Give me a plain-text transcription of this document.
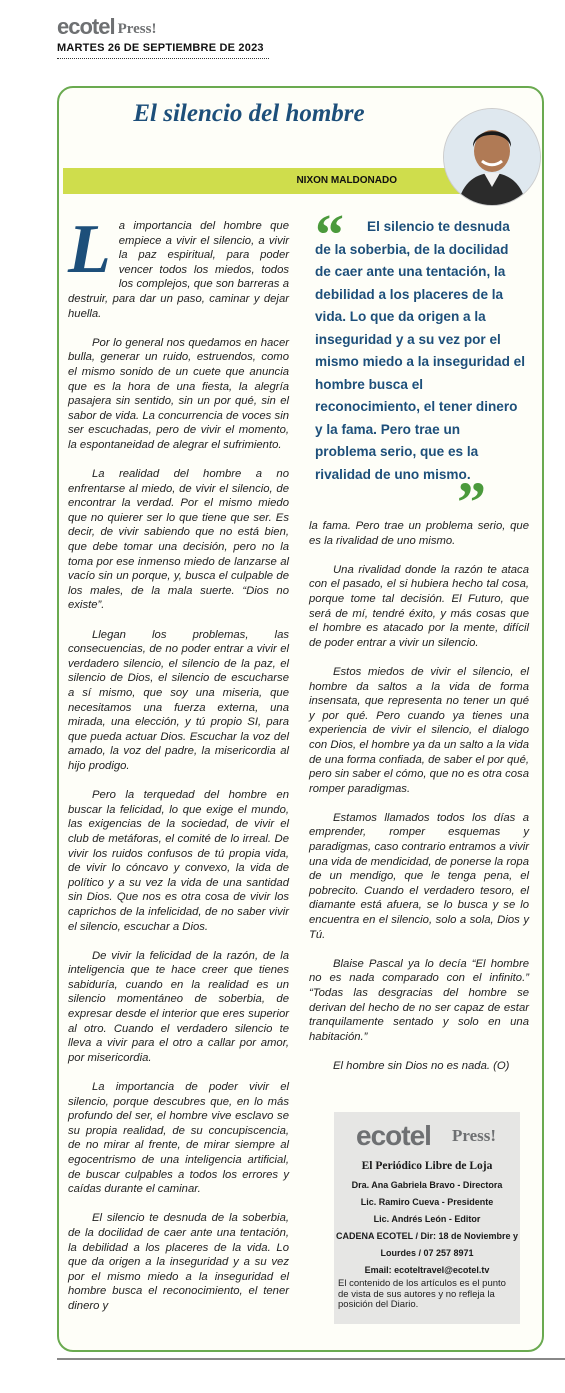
ecotel Press!
MARTES 26 DE SEPTIEMBRE DE 2023
El silencio del hombre
NIXON MALDONADO

La importancia del hombre que empiece a vivir el silencio, a vivir la paz espiritual, para poder vencer todos los miedos, todos los complejos, que son barreras a destruir, para dar un paso, caminar y dejar huella.

Por lo general nos quedamos en hacer bulla, generar un ruido, estruendos, como el mismo sonido de un cuete que anuncia que es la hora de una fiesta, la alegría pasajera sin sentido, sin un por qué, sin el sabor de vida. La concurrencia de voces sin ser escuchadas, pero de vivir el momento, la espontaneidad de alegrar el sufrimiento.

La realidad del hombre a no enfrentarse al miedo, de vivir el silencio, de encontrar la verdad. Por el mismo miedo que no quierer ser lo que tiene que ser. Es decir, de vivir sabiendo que no está bien, que debe tomar una decisión, pero no la toma por ese inmenso miedo de lanzarse al vacío sin un porque, y, busca el culpable de los males, de la mala suerte. “Dios no existe”.

Llegan los problemas, las consecuencias, de no poder entrar a vivir el verdadero silencio, el silencio de la paz, el silencio de Dios, el silencio de escucharse a sí mismo, que soy una miseria, que necesitamos una fuerza externa, una mirada, una elección, y tú propio SI, para que pueda actuar Dios. Escuchar la voz del amado, la voz del padre, la misericordia al hijo prodigo.

Pero la terquedad del hombre en buscar la felicidad, lo que exige el mundo, las exigencias de la sociedad, de vivir el club de metáforas, el comité de lo irreal. De vivir los ruidos confusos de tú propia vida, de vivir lo cóncavo y convexo, la vida de político y a su vez la vida de una santidad sin Dios. Que nos es otra cosa de vivir los caprichos de la infelicidad, de no saber vivir el silencio, escuchar a Dios.

De vivir la felicidad de la razón, de la inteligencia que te hace creer que tienes sabiduría, cuando en la realidad es un silencio momentáneo de soberbia, de expresar desde el interior que eres superior al otro. Cuando el verdadero silencio te lleva a vivir para el otro a callar por amor, por misericordia.

La importancia de poder vivir el silencio, porque descubres que, en lo más profundo del ser, el hombre vive esclavo se su propia realidad, de su concupiscencia, de no mirar al frente, de mirar siempre al egocentrismo de una inteligencia artificial, de buscar culpables a todos los errores y caídas durante el caminar.

El silencio te desnuda de la soberbia, de la docilidad de caer ante una tentación, la debilidad a los placeres de la vida. Lo que da origen a la inseguridad y a su vez por el mismo miedo a la inseguridad el hombre busca el reconocimiento, el tener dinero y

“	El silencio te desnuda de la soberbia, de la docilidad de caer ante una tentación, la debilidad a los placeres de la vida. Lo que da origen a la inseguridad y a su vez por el mismo miedo a la inseguridad el hombre busca el reconocimiento, el tener dinero y la fama. Pero trae un problema serio, que es la rivalidad de uno mismo.
”

la fama. Pero trae un problema serio, que es la rivalidad de uno mismo.

Una rivalidad donde la razón te ataca con el pasado, el si hubiera hecho tal cosa, porque tome tal decisión. El Futuro, que será de mí, tendré éxito, y más cosas que el hombre es atacado por la mente, difícil de poder entrar a vivir un silencio.

Estos miedos de vivir el silencio, el hombre da saltos a la vida de forma insensata, que representa no tener un qué y por qué. Pero cuando ya tienes una experiencia de vivir el silencio, el dialogo con Dios, el hombre ya da un salto a la vida de una forma confiada, de saber el por qué, pero sin saber el cómo, que no es otra cosa romper paradigmas.

Estamos llamados todos los días a emprender, romper esquemas y paradigmas, caso contrario entramos a vivir una vida de mendicidad, de ponerse la ropa de un mendigo, que le tenga pena, el pobrecito. Cuando el verdadero tesoro, el diamante está afuera, se lo busca y se lo encuentra en el silencio, solo a sola, Dios y Tú.

Blaise Pascal ya lo decía “El hombre no es nada comparado con el infinito.” “Todas las desgracias del hombre se derivan del hecho de no ser capaz de estar tranquilamente sentado y solo en una habitación.”

El hombre sin Dios no es nada. (O)

ecotel Press!
El Periódico Libre de Loja
Dra. Ana Gabriela Bravo - Directora
Lic. Ramiro Cueva - Presidente
Lic. Andrés León - Editor
CADENA ECOTEL / Dir: 18 de Noviembre y
Lourdes / 07 257 8971
Email: ecoteltravel@ecotel.tv
El contenido de los artículos es el punto de vista de sus autores y no refleja la posición del Diario.
